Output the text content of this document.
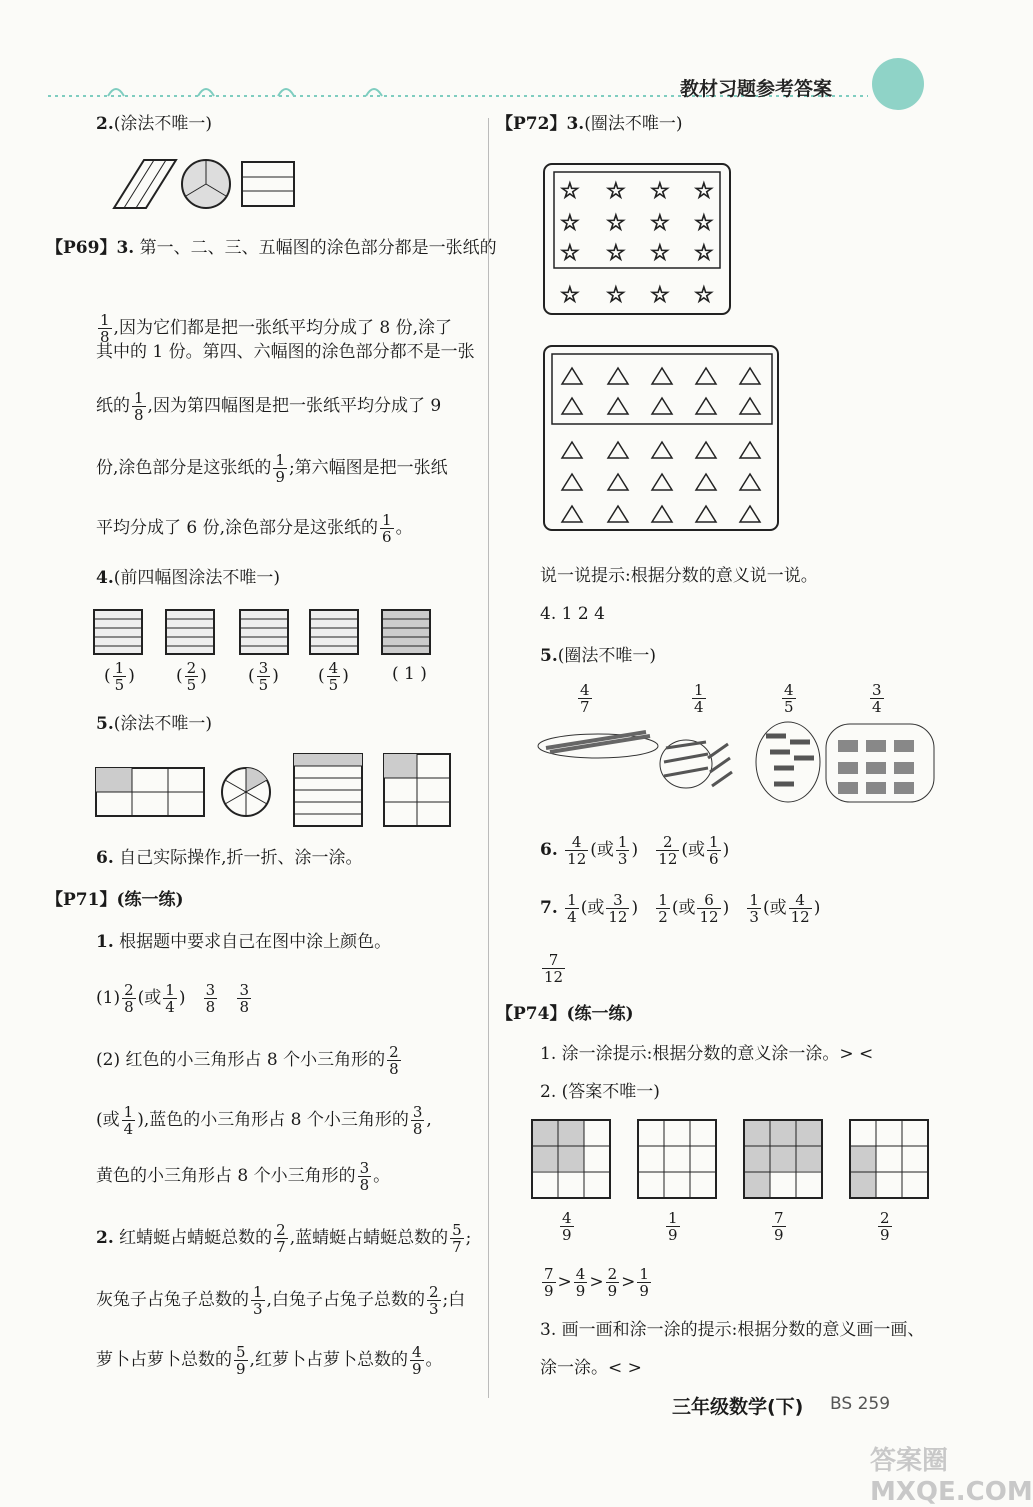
教材习题参考答案
2.(涂法不唯一)
【P69】3. 第一、二、三、五幅图的涂色部分都是一张纸的
$\frac{1}{8}$ ,因为它们都是把一张纸平均分成了 8 份,涂了
其中的 1 份。第四、六幅图的涂色部分都不是一张
纸的 $\frac{1}{8}$ ,因为第四幅图是把一张纸平均分成了 9
份,涂色部分是这张纸的 $\frac{1}{9}$ ;第六幅图是把一张纸
平均分成了 6 份,涂色部分是这张纸的 $\frac{1}{6}$ 。
4.(前四幅图涂法不唯一)
( $\frac{1}{5}$ ) ( $\frac{2}{5}$ ) ( $\frac{3}{5}$ ) ( $\frac{4}{5}$ )	( 1 )
5.(涂法不唯一)
6. 自己实际操作,折一折、涂一涂。
【P71】(练一练)
1. 根据题中要求自己在图中涂上颜色。
$(1) \frac{2}{8}$ (或 $\frac{1}{4}$ ) $\frac{3}{8}$
$\frac{3}{8}$
(2) 红色的小三角形占 8 个小三角形的 $\frac{2}{8}$
(或 $\frac{1}{4}$ ),蓝色的小三角形占 8 个小三角形的 $\frac{3}{8}$ ,
黄色的小三角形占 8 个小三角形的 $\frac{3}{8}$ 。
2. 红蜻蜓占蜻蜓总数的 $\frac{2}{7}$ ,蓝蜻蜓占蜻蜓总数的 $\frac{5}{7}$ ;
灰兔子占兔子总数的 $\frac{1}{3}$ ,白兔子占兔子总数的 $\frac{2}{3}$ ;白
萝卜占萝卜总数的 $\frac{5}{9}$ ,红萝卜占萝卜总数的 $\frac{4}{9}$ 。
【P72】3.(圈法不唯一)
☆ ☆ ☆ ☆
☆ ☆ ☆ ☆
☆ ☆ ☆ ☆
☆ ☆ ☆ ☆
说一说提示:根据分数的意义说一说。
4. 1 2 4
5.(圈法不唯一)
$\frac{4}{7}$	$\frac{1}{4}$	$\frac{4}{5}$	$\frac{3}{4}$
6. $\frac{4}{12}$ (或 $\frac{1}{3}$ ) $\frac{2}{12}$ (或 $\frac{1}{6}$ )
7. $\frac{1}{4}$ (或 $\frac{3}{12}$ ) $\frac{1}{2}$ (或 $\frac{6}{12}$ ) $\frac{1}{3}$ (或 $\frac{4}{12}$ )
$\frac{7}{12}$
【P74】(练一练)
1. 涂一涂提示:根据分数的意义涂一涂。> <
2. (答案不唯一)
$\frac{4}{9}$	$\frac{1}{9}$	$\frac{7}{9}$	$\frac{2}{9}$
$\frac{7}{9} > \frac{4}{9} > \frac{2}{9} > \frac{1}{9}$
3. 画一画和涂一涂的提示:根据分数的意义画一画、
涂一涂。< >
三年级数学(下) BS 259
答案圈 MXQE.COM
